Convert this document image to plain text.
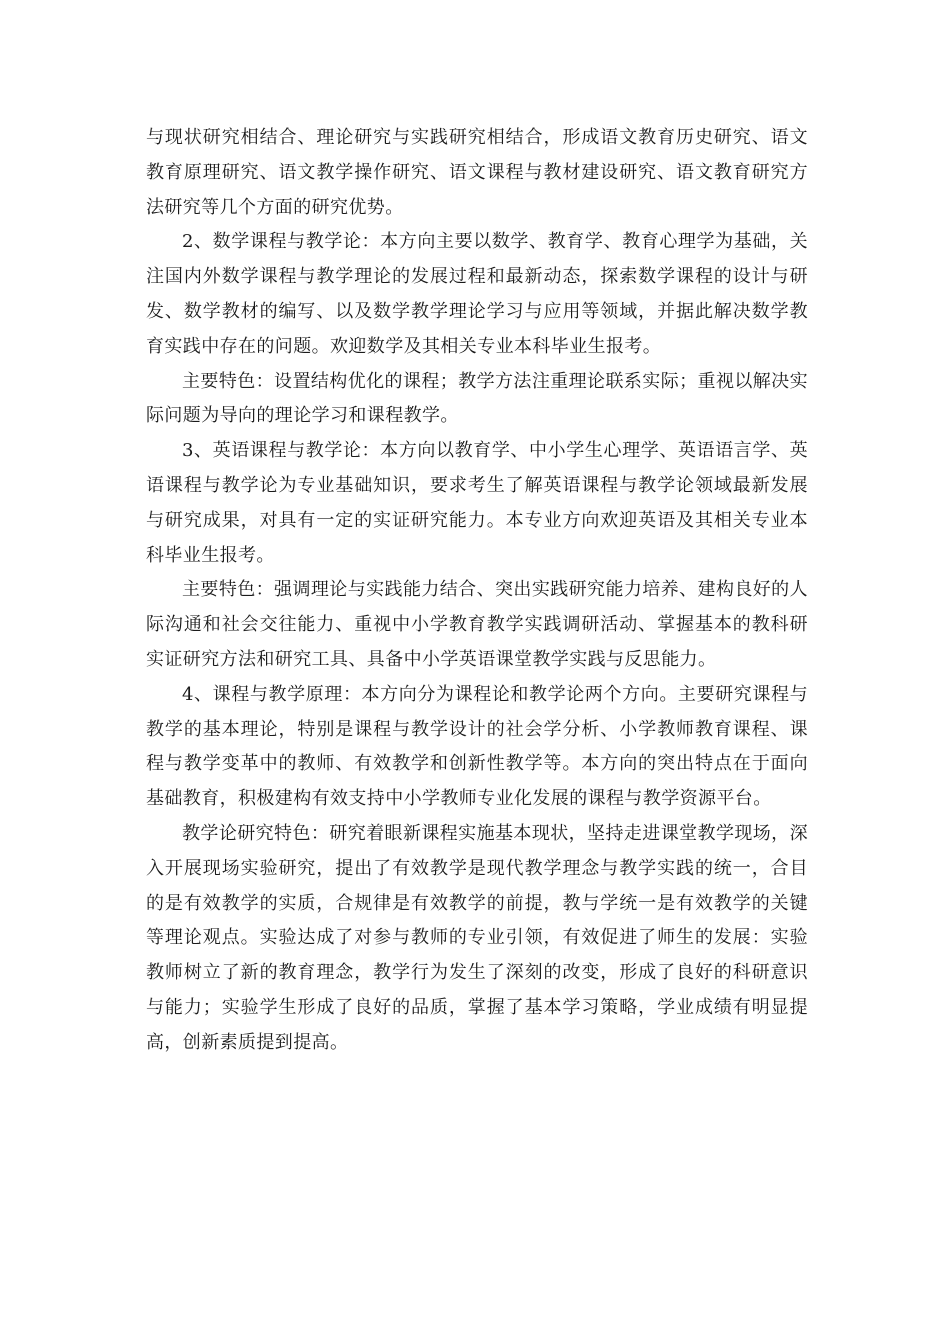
与现状研究相结合、理论研究与实践研究相结合，形成语文教育历史研究、语文教育原理研究、语文教学操作研究、语文课程与教材建设研究、语文教育研究方法研究等几个方面的研究优势。

2、数学课程与教学论：本方向主要以数学、教育学、教育心理学为基础，关注国内外数学课程与教学理论的发展过程和最新动态，探索数学课程的设计与研发、数学教材的编写、以及数学教学理论学习与应用等领域，并据此解决数学教育实践中存在的问题。欢迎数学及其相关专业本科毕业生报考。

主要特色：设置结构优化的课程；教学方法注重理论联系实际；重视以解决实际问题为导向的理论学习和课程教学。

3、英语课程与教学论：本方向以教育学、中小学生心理学、英语语言学、英语课程与教学论为专业基础知识，要求考生了解英语课程与教学论领域最新发展与研究成果，对具有一定的实证研究能力。本专业方向欢迎英语及其相关专业本科毕业生报考。

主要特色：强调理论与实践能力结合、突出实践研究能力培养、建构良好的人际沟通和社会交往能力、重视中小学教育教学实践调研活动、掌握基本的教科研实证研究方法和研究工具、具备中小学英语课堂教学实践与反思能力。

4、课程与教学原理：本方向分为课程论和教学论两个方向。主要研究课程与教学的基本理论，特别是课程与教学设计的社会学分析、小学教师教育课程、课程与教学变革中的教师、有效教学和创新性教学等。本方向的突出特点在于面向基础教育，积极建构有效支持中小学教师专业化发展的课程与教学资源平台。

教学论研究特色：研究着眼新课程实施基本现状，坚持走进课堂教学现场，深入开展现场实验研究，提出了有效教学是现代教学理念与教学实践的统一，合目的是有效教学的实质，合规律是有效教学的前提，教与学统一是有效教学的关键等理论观点。实验达成了对参与教师的专业引领，有效促进了师生的发展：实验教师树立了新的教育理念，教学行为发生了深刻的改变，形成了良好的科研意识与能力；实验学生形成了良好的品质，掌握了基本学习策略，学业成绩有明显提高，创新素质提到提高。
